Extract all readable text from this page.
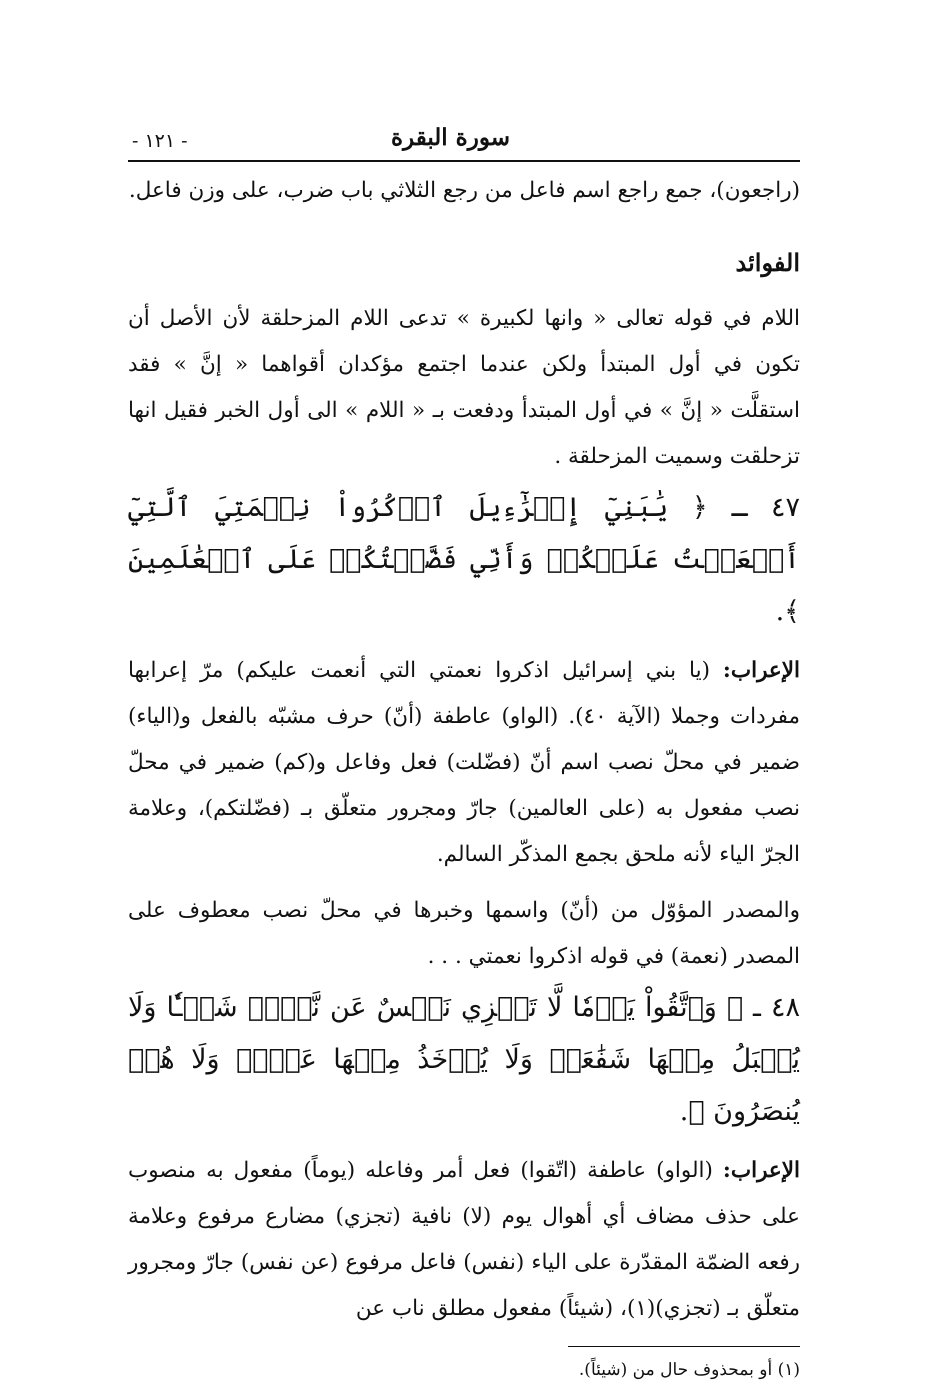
سورة البقرة
- ١٢١ -

(راجعون)، جمع راجع اسم فاعل من رجع الثلاثي باب ضرب، على وزن فاعل.

الفوائد

اللام في قوله تعالى « وانها لكبيرة » تدعى اللام المزحلقة لأن الأصل أن تكون في أول المبتدأ ولكن عندما اجتمع مؤكدان أقواهما « إنَّ » فقد استقلَّت « إنَّ » في أول المبتدأ ودفعت بـ « اللام » الى أول الخبر فقيل انها تزحلقت وسميت المزحلقة .

٤٧ ـ ﴿ يَٰبَنِيٓ إِسۡرَٰٓءِيلَ ٱذۡكُرُواْ نِعۡمَتِيَ ٱلَّتِيٓ أَنۡعَمۡتُ عَلَيۡكُمۡ وَأَنِّي فَضَّلۡتُكُمۡ عَلَى ٱلۡعَٰلَمِينَ ﴾.

الإعراب: (يا بني إسرائيل اذكروا نعمتي التي أنعمت عليكم) مرّ إعرابها مفردات وجملا (الآية ٤٠). (الواو) عاطفة (أنّ) حرف مشبّه بالفعل و(الياء) ضمير في محلّ نصب اسم أنّ (فضّلت) فعل وفاعل و(كم) ضمير في محلّ نصب مفعول به (على العالمين) جارّ ومجرور متعلّق بـ (فضّلتكم)، وعلامة الجرّ الياء لأنه ملحق بجمع المذكّر السالم.

والمصدر المؤوّل من (أنّ) واسمها وخبرها في محلّ نصب معطوف على المصدر (نعمة) في قوله اذكروا نعمتي . . .

٤٨ ـ ﴿ وَٱتَّقُواْ يَوۡمٗا لَّا تَجۡزِي نَفۡسٌ عَن نَّفۡسٖ شَيۡـٔٗا وَلَا يُقۡبَلُ مِنۡهَا شَفَٰعَةٞ وَلَا يُؤۡخَذُ مِنۡهَا عَدۡلٞ وَلَا هُمۡ يُنصَرُونَ ﴾.

الإعراب: (الواو) عاطفة (اتّقوا) فعل أمر وفاعله (يوماً) مفعول به منصوب على حذف مضاف أي أهوال يوم (لا) نافية (تجزي) مضارع مرفوع وعلامة رفعه الضمّة المقدّرة على الياء (نفس) فاعل مرفوع (عن نفس) جارّ ومجرور متعلّق بـ (تجزي)(١)، (شيئاً) مفعول مطلق ناب عن

(١) أو بمحذوف حال من (شيئاً).
